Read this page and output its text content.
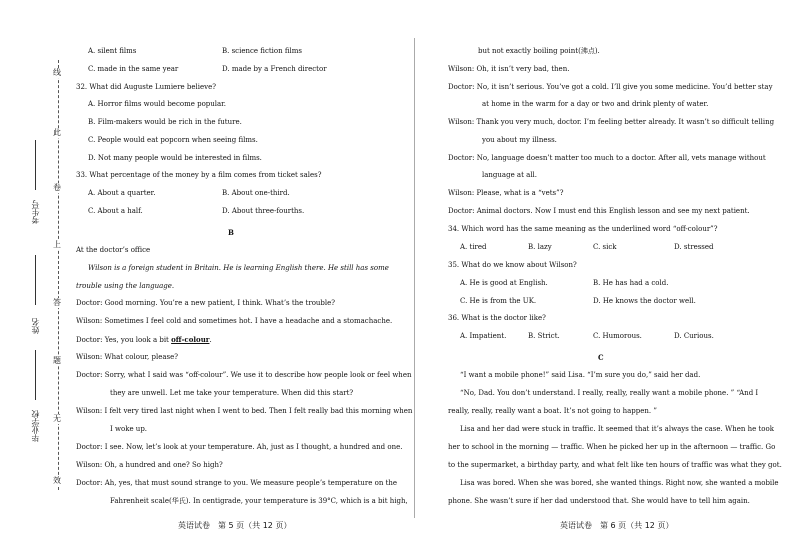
线
此
卷
上
答
题
无
效
考生号
姓名
毕业学校
A. silent films	B. science fiction films
C. made in the same year	D. made by a French director
32. What did Auguste Lumiere believe?
A. Horror films would become popular.
B. Film-makers would be rich in the future.
C. People would eat popcorn when seeing films.
D. Not many people would be interested in films.
33. What percentage of the money by a film comes from ticket sales?
A. About a quarter.	B. About one-third.
C. About a half.	D. About three-fourths.
B
At the doctor’s office
Wilson is a foreign student in Britain. He is learning English there. He still has some
trouble using the language.
Doctor: Good morning. You’re a new patient, I think. What’s the trouble?
Wilson: Sometimes I feel cold and sometimes hot. I have a headache and a stomachache.
Doctor: Yes, you look a bit off-colour.
Wilson: What colour, please?
Doctor: Sorry, what I said was “off-colour”. We use it to describe how people look or feel when
they are unwell. Let me take your temperature. When did this start?
Wilson: I felt very tired last night when I went to bed. Then I felt really bad this morning when
I woke up.
Doctor: I see. Now, let’s look at your temperature. Ah, just as I thought, a hundred and one.
Wilson: Oh, a hundred and one? So high?
Doctor: Ah, yes, that must sound strange to you. We measure people’s temperature on the
Fahrenheit scale(华氏). In centigrade, your temperature is 39°C, which is a bit high,
英语试卷　第 5 页（共 12 页）
but not exactly boiling point(沸点).
Wilson: Oh, it isn’t very bad, then.
Doctor: No, it isn’t serious. You’ve got a cold. I’ll give you some medicine. You’d better stay
at home in the warm for a day or two and drink plenty of water.
Wilson: Thank you very much, doctor. I’m feeling better already. It wasn’t so difficult telling
you about my illness.
Doctor: No, language doesn’t matter too much to a doctor. After all, vets manage without
language at all.
Wilson: Please, what is a “vets”?
Doctor: Animal doctors. Now I must end this English lesson and see my next patient.
34. Which word has the same meaning as the underlined word “off-colour”?
A. tired	B. lazy	C. sick	D. stressed
35. What do we know about Wilson?
A. He is good at English.	B. He has had a cold.
C. He is from the UK.	D. He knows the doctor well.
36. What is the doctor like?
A. Impatient.	B. Strict.	C. Humorous.	D. Curious.
C
“I want a mobile phone!” said Lisa. “I’m sure you do,” said her dad.
“No, Dad. You don’t understand. I really, really, really want a mobile phone. ” “And I
really, really, really want a boat. It’s not going to happen. ”
Lisa and her dad were stuck in traffic. It seemed that it’s always the case. When he took
her to school in the morning — traffic. When he picked her up in the afternoon — traffic. Go
to the supermarket, a birthday party, and what felt like ten hours of traffic was what they got.
Lisa was bored. When she was bored, she wanted things. Right now, she wanted a mobile
phone. She wasn’t sure if her dad understood that. She would have to tell him again.
英语试卷　第 6 页（共 12 页）
